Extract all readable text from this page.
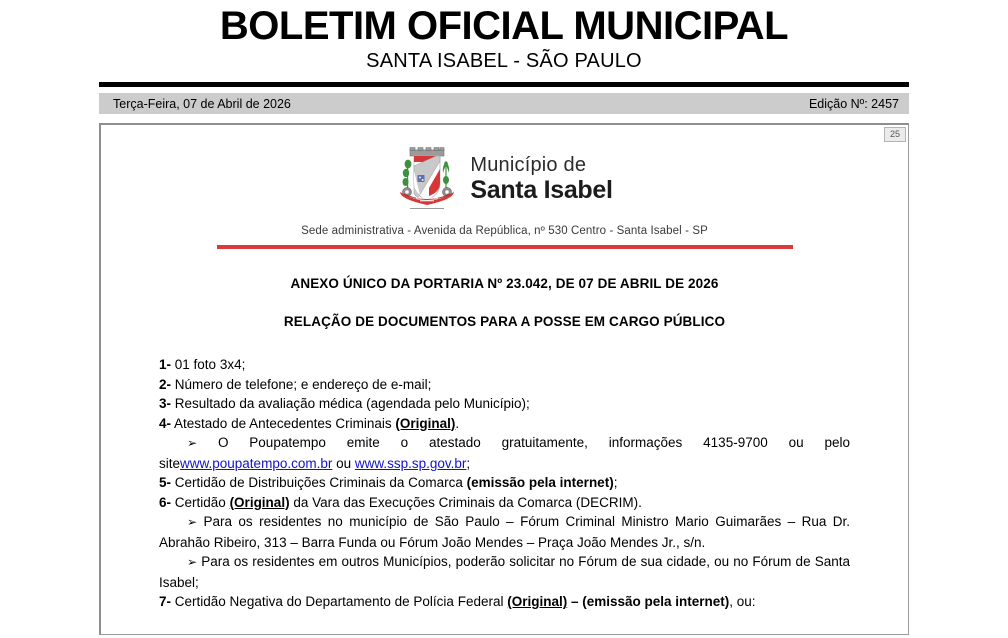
BOLETIM OFICIAL MUNICIPAL
SANTA ISABEL - SÃO PAULO
Terça-Feira, 07 de Abril de 2026	Edição Nº: 2457
25
Município de
Santa Isabel
Sede administrativa - Avenida da República, nº 530 Centro - Santa Isabel - SP
ANEXO ÚNICO DA PORTARIA Nº 23.042, DE 07 DE ABRIL DE 2026
RELAÇÃO DE DOCUMENTOS PARA A POSSE EM CARGO PÚBLICO

1- 01 foto 3x4;

2- Número de telefone; e endereço de e-mail;

3- Resultado da avaliação médica (agendada pelo Município);

4- Atestado de Antecedentes Criminais (Original).

➢ O Poupatempo emite o atestado gratuitamente, informações 4135-9700 ou pelo sitewww.poupatempo.com.br ou www.ssp.sp.gov.br;

5- Certidão de Distribuições Criminais da Comarca (emissão pela internet);

6- Certidão (Original) da Vara das Execuções Criminais da Comarca (DECRIM).

➢ Para os residentes no município de São Paulo – Fórum Criminal Ministro Mario Guimarães – Rua Dr. Abrahão Ribeiro, 313 – Barra Funda ou Fórum João Mendes – Praça João Mendes Jr., s/n.

➢ Para os residentes em outros Municípios, poderão solicitar no Fórum de sua cidade, ou no Fórum de Santa Isabel;

7- Certidão Negativa do Departamento de Polícia Federal (Original) – (emissão pela internet), ou:
